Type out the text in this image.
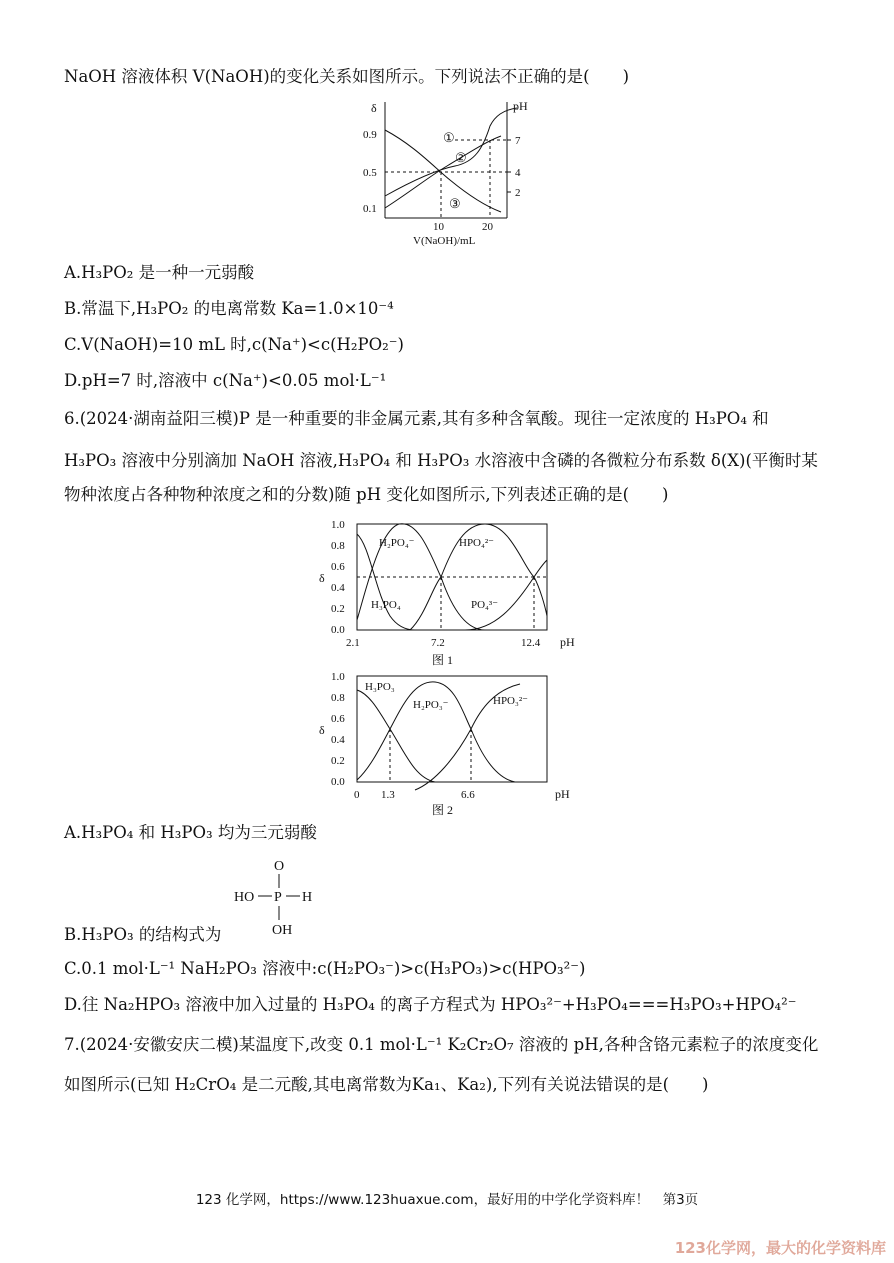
NaOH 溶液体积 V(NaOH)的变化关系如图所示。下列说法不正确的是(　　)
δ	pH
0.9
0.5
0.1
7
4
2
10	20
V(NaOH)/mL
①
②
③
A.H₃PO₂ 是一种一元弱酸
B.常温下,H₃PO₂ 的电离常数 Ka=1.0×10⁻⁴
C.V(NaOH)=10 mL 时,c(Na⁺)<c(H₂PO₂⁻)
D.pH=7 时,溶液中 c(Na⁺)<0.05 mol·L⁻¹
6.(2024·湖南益阳三模)P 是一种重要的非金属元素,其有多种含氧酸。现往一定浓度的 H₃PO₄ 和
H₃PO₃ 溶液中分别滴加 NaOH 溶液,H₃PO₄ 和 H₃PO₃ 水溶液中含磷的各微粒分布系数 δ(X)(平衡时某
物种浓度占各种物种浓度之和的分数)随 pH 变化如图所示,下列表述正确的是(　　)
1.0
0.8
0.6
0.4
0.2
0.0
δ
2.1	7.2	12.4 pH
H₂PO₄⁻	HPO₄²⁻
H₃PO₄	PO₄³⁻
图 1
1.0
0.8
0.6
0.4
0.2
0.0
δ
0 1.3	6.6	pH
H₃PO₃
H₂PO₃⁻	HPO₃²⁻
图 2
A.H₃PO₄ 和 H₃PO₃ 均为三元弱酸
O
HO P H
OH
B.H₃PO₃ 的结构式为
C.0.1 mol·L⁻¹ NaH₂PO₃ 溶液中:c(H₂PO₃⁻)>c(H₃PO₃)>c(HPO₃²⁻)
D.往 Na₂HPO₃ 溶液中加入过量的 H₃PO₄ 的离子方程式为 HPO₃²⁻+H₃PO₄===H₃PO₃+HPO₄²⁻
7.(2024·安徽安庆二模)某温度下,改变 0.1 mol·L⁻¹ K₂Cr₂O₇ 溶液的 pH,各种含铬元素粒子的浓度变化
如图所示(已知 H₂CrO₄ 是二元酸,其电离常数为Ka₁、Ka₂),下列有关说法错误的是(　　)
123 化学网，https://www.123huaxue.com，最好用的中学化学资料库！　第3页
123化学网，最大的化学资料库
